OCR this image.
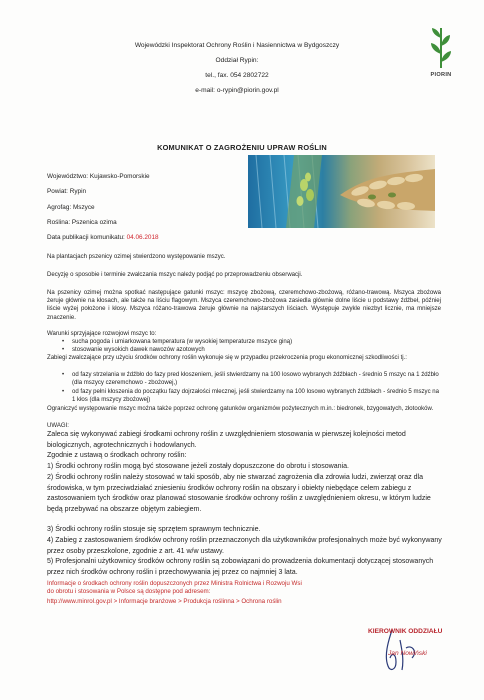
Wojewódzki Inspektorat Ochrony Roślin i Nasiennictwa w Bydgoszczy
Oddział Rypin:
tel., fax. 054 2802722
e-mail: o-rypin@piorin.gov.pl
PIORIN
KOMUNIKAT O ZAGROŻENIU UPRAW ROŚLIN
Województwo: Kujawsko-Pomorskie
Powiat: Rypin
Agrofag: Mszyce
Roślina: Pszenica ozima
Data publikacji komunikatu: 04.06.2018
Na plantacjach pszenicy ozimej stwierdzono występowanie mszyc.
Decyzję o sposobie i terminie zwalczania mszyc należy podjąć po przeprowadzeniu obserwacji.
Na pszenicy ozimej można spotkać następujące gatunki mszyc: mszycę zbożową, czeremchowo-zbożową, różano-trawową. Mszyca zbożowa żeruje głównie na kłosach, ale także na liściu flagowym. Mszyca czeremchowo-zbożowa zasiedla głównie dolne liście u podstawy źdźbeł, później liście wyżej położone i kłosy. Mszyca różano-trawowa żeruje głównie na najstarszych liściach. Występuje zwykle niezbyt licznie, ma mniejsze znaczenie.
Warunki sprzyjające rozwojowi mszyc to:
• sucha pogoda i umiarkowana temperatura (w wysokiej temperaturze mszyce giną)
• stosowanie wysokich dawek nawozów azotowych
Zabiegi zwalczające przy użyciu środków ochrony roślin wykonuje się w przypadku przekroczenia progu ekonomicznej szkodliwości tj.:
• od fazy strzelania w źdźbło do fazy pred kłoszeniem, jeśli stwierdzamy na 100 losowo wybranych źdźbłach - średnio 5 mszyc na 1 źdźbło (dla mszycy czeremchowo - zbożowej,)
• od fazy pełni kłoszenia do początku fazy dojrzałości mlecznej, jeśli stwierdzamy na 100 losowo wybranych źdźbłach - średnio 5 mszyc na 1 kłos (dla mszycy zbożowej)
Ograniczyć występowanie mszyc można także poprzez ochronę gatunków organizmów pożytecznych m.in.: biedronek, bzygowatych, złotooków.
UWAGI:
Zaleca się wykonywać zabiegi środkami ochrony roślin z uwzględnieniem stosowania w pierwszej kolejności metod biologicznych, agrotechnicznych i hodowlanych.
Zgodnie z ustawą o środkach ochrony roślin:
1) Środki ochrony roślin mogą być stosowane jeżeli zostały dopuszczone do obrotu i stosowania.
2) Środki ochrony roślin należy stosować w taki sposób, aby nie stwarzać zagrożenia dla zdrowia ludzi, zwierząt oraz dla środowiska, w tym przeciwdziałać zniesieniu środków ochrony roślin na obszary i obiekty niebędące celem zabiegu z zastosowaniem tych środków oraz planować stosowanie środków ochrony roślin z uwzględnieniem okresu, w którym ludzie będą przebywać na obszarze objętym zabiegiem.
3) Środki ochrony roślin stosuje się sprzętem sprawnym technicznie.
4) Zabieg z zastosowaniem środków ochrony roślin przeznaczonych dla użytkowników profesjonalnych może być wykonywany przez osoby przeszkolone, zgodnie z art. 41 w/w ustawy.
5) Profesjonalni użytkownicy środków ochrony roślin są zobowiązani do prowadzenia dokumentacji dotyczącej stosowanych przez nich środków ochrony roślin i przechowywania jej przez co najmniej 3 lata.
Informacje o środkach ochrony roślin dopuszczonych przez Ministra Rolnictwa i Rozwoju Wsi
do obrotu i stosowania w Polsce są dostępne pod adresem:
http://www.minrol.gov.pl > Informacje branżowe > Produkcja roślinna > Ochrona roślin
KIEROWNIK ODDZIAŁU
Jan Nowiński
